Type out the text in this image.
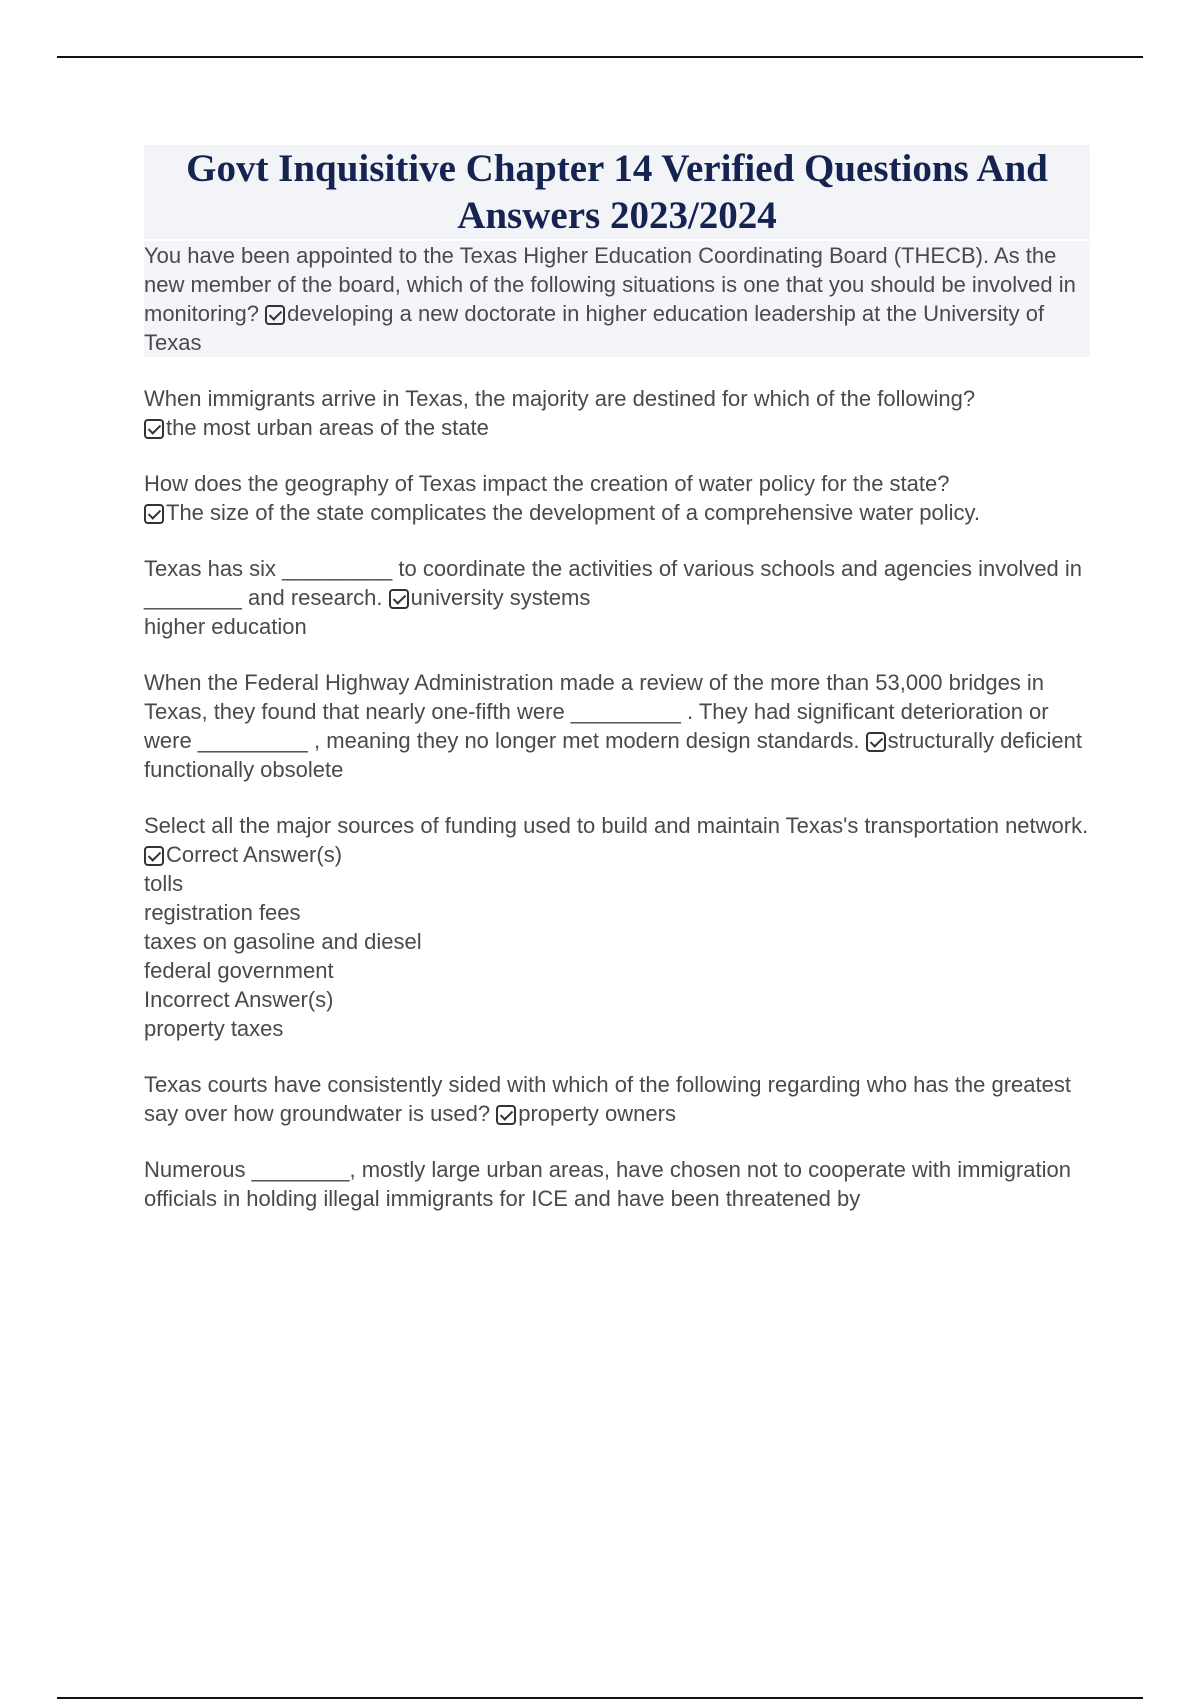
Govt Inquisitive Chapter 14 Verified Questions And Answers 2023/2024

You have been appointed to the Texas Higher Education Coordinating Board (THECB). As the new member of the board, which of the following situations is one that you should be involved in monitoring? developing a new doctorate in higher education leadership at the University of Texas

When immigrants arrive in Texas, the majority are destined for which of the following?
the most urban areas of the state

How does the geography of Texas impact the creation of water policy for the state?
The size of the state complicates the development of a comprehensive water policy.

Texas has six _________ to coordinate the activities of various schools and agencies involved in ________ and research. university systems

higher education

When the Federal Highway Administration made a review of the more than 53,000 bridges in Texas, they found that nearly one-fifth were _________ . They had significant deterioration or were _________ , meaning they no longer met modern design standards. structurally deficient

functionally obsolete

Select all the major sources of funding used to build and maintain Texas's transportation network. Correct Answer(s)

tolls

registration fees

taxes on gasoline and diesel

federal government

Incorrect Answer(s)

property taxes

Texas courts have consistently sided with which of the following regarding who has the greatest say over how groundwater is used? property owners

Numerous ________, mostly large urban areas, have chosen not to cooperate with immigration officials in holding illegal immigrants for ICE and have been threatened by
